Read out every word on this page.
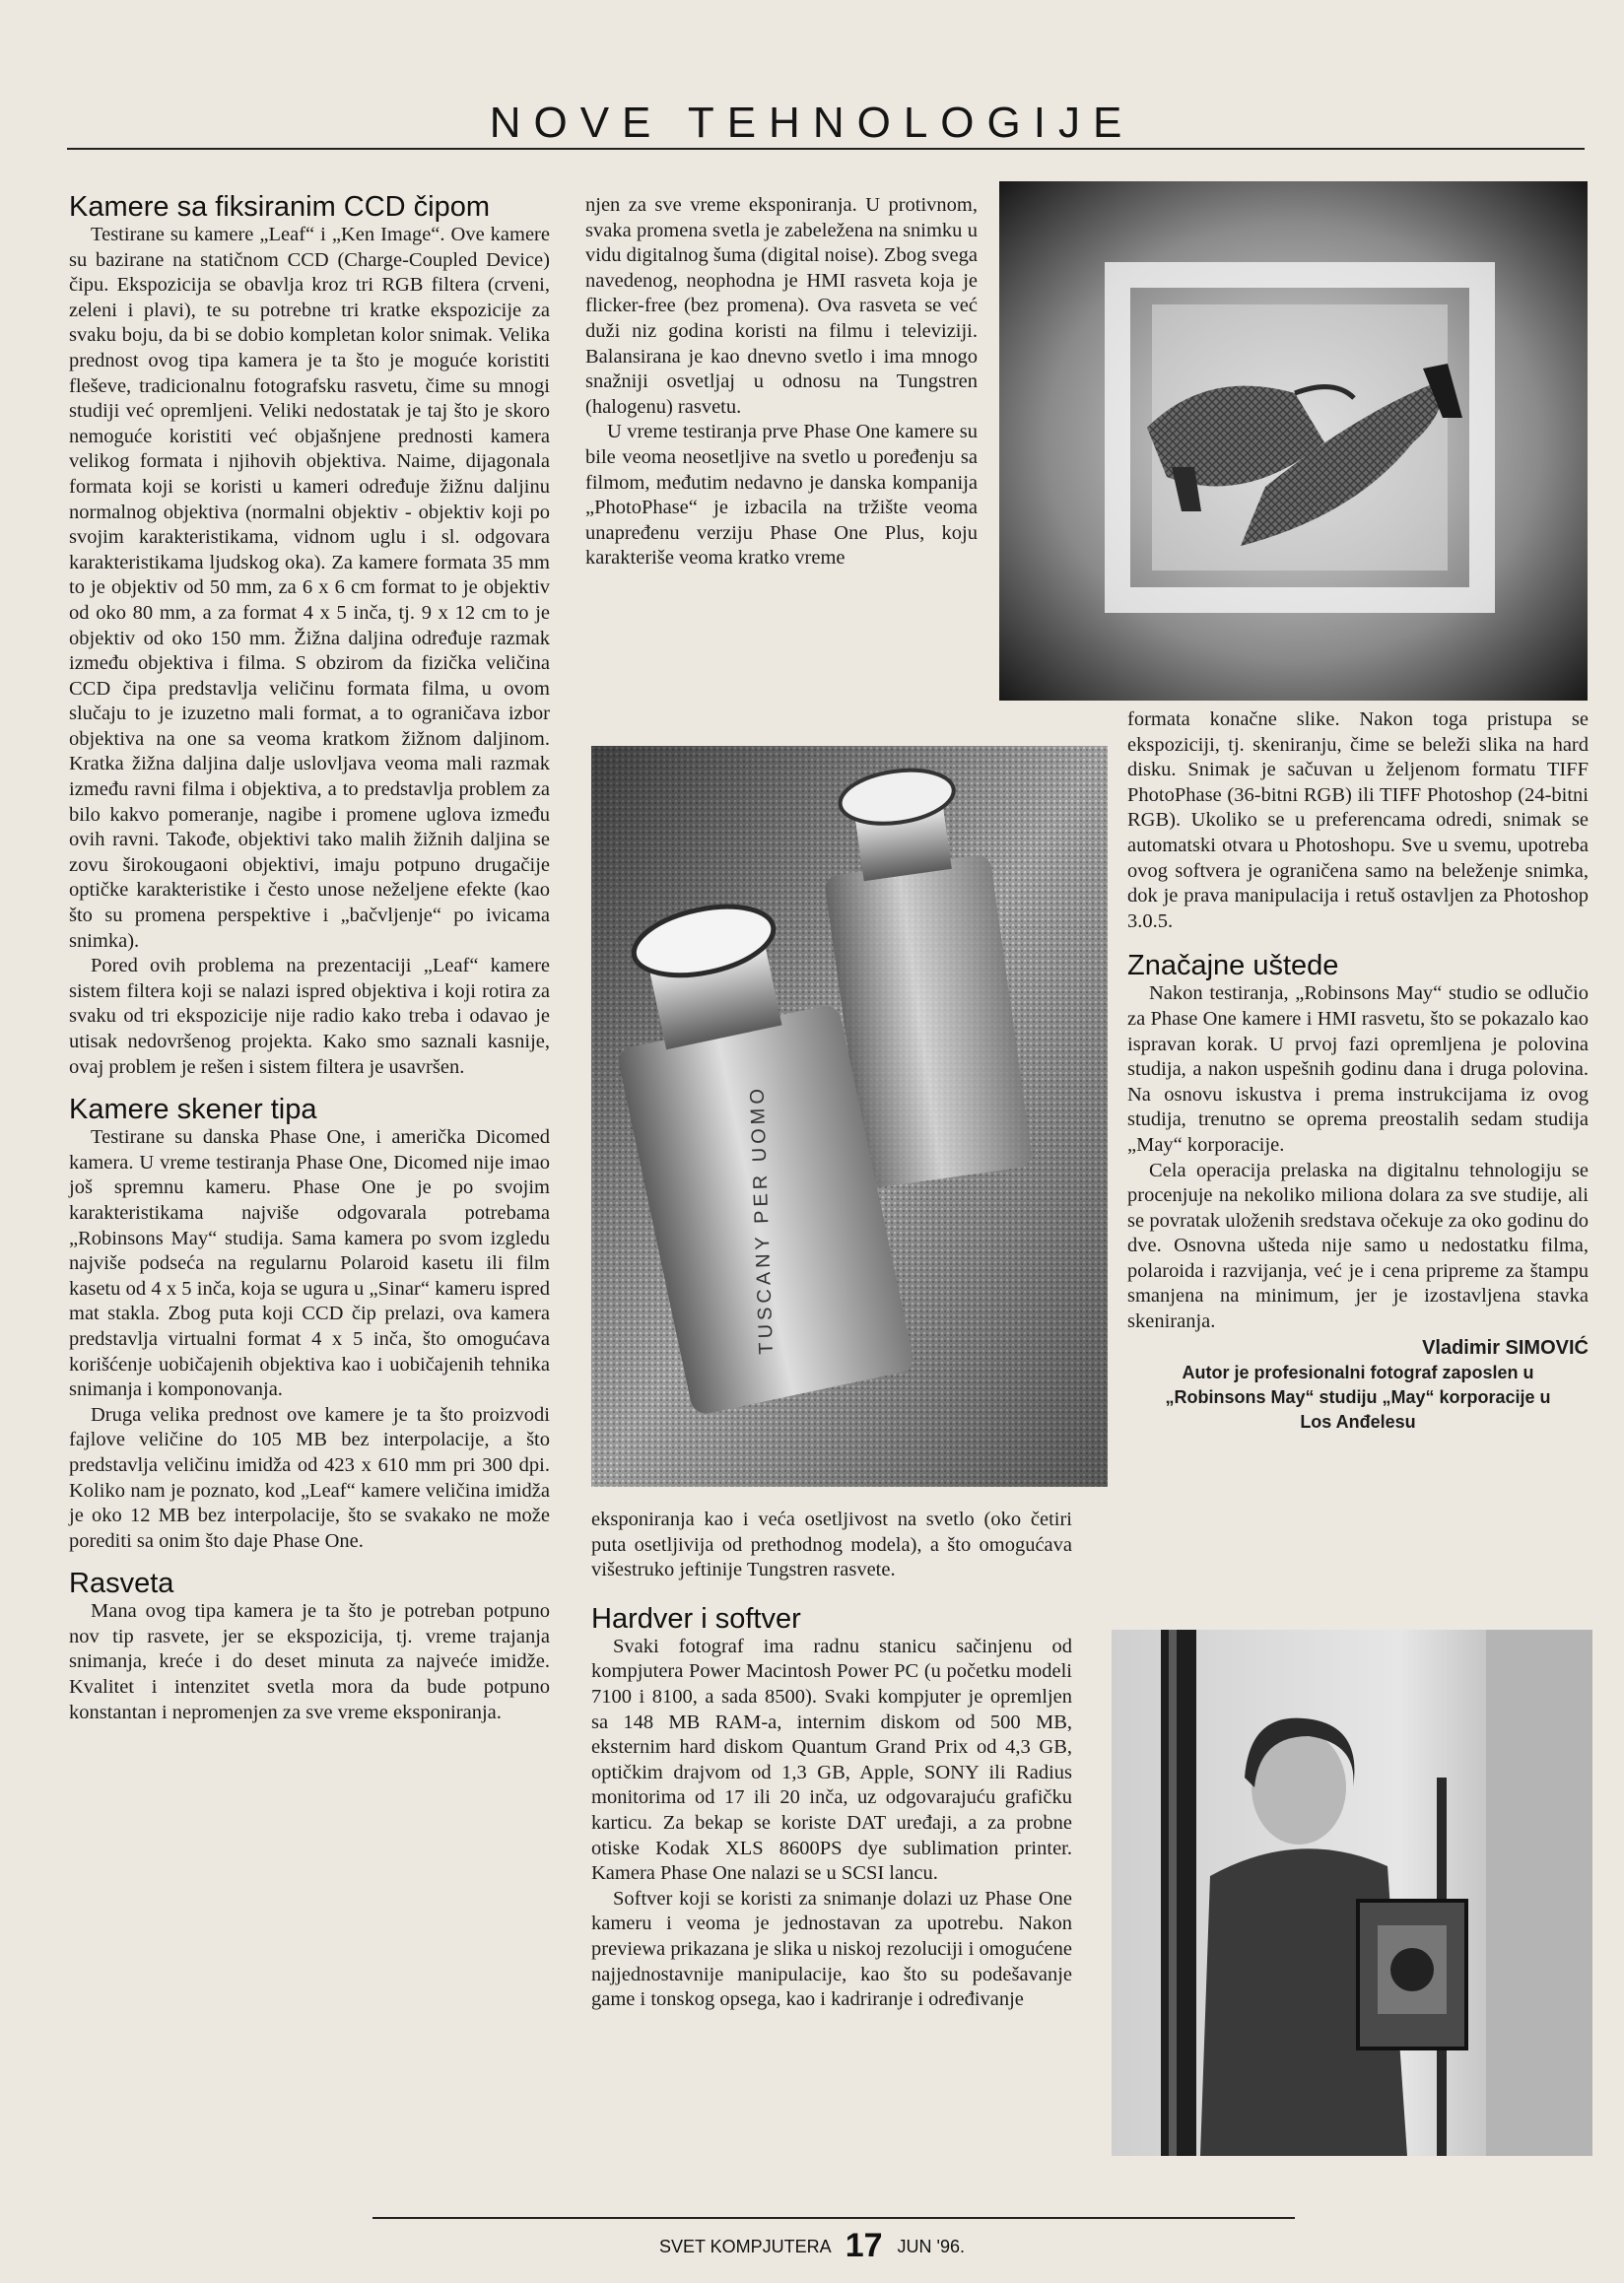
NOVE TEHNOLOGIJE
Kamere sa fiksiranim CCD čipom

Testirane su kamere „Leaf“ i „Ken Image“. Ove kamere su bazirane na statičnom CCD (Charge-Coupled Device) čipu. Ekspozicija se obavlja kroz tri RGB filtera (crveni, zeleni i plavi), te su potrebne tri kratke ekspozicije za svaku boju, da bi se dobio kompletan kolor snimak. Velika prednost ovog tipa kamera je ta što je moguće koristiti fleševe, tradicionalnu fotografsku rasvetu, čime su mnogi studiji već opremljeni. Veliki nedostatak je taj što je skoro nemoguće koristiti već objašnjene prednosti kamera velikog formata i njihovih objektiva. Naime, dijagonala formata koji se koristi u kameri određuje žižnu daljinu normalnog objektiva (normalni objektiv - objektiv koji po svojim karakteristikama, vidnom uglu i sl. odgovara karakteristikama ljudskog oka). Za kamere formata 35 mm to je objektiv od 50 mm, za 6 x 6 cm format to je objektiv od oko 80 mm, a za format 4 x 5 inča, tj. 9 x 12 cm to je objektiv od oko 150 mm. Žižna daljina određuje razmak između objektiva i filma. S obzirom da fizička veličina CCD čipa predstavlja veličinu formata filma, u ovom slučaju to je izuzetno mali format, a to ograničava izbor objektiva na one sa veoma kratkom žižnom daljinom. Kratka žižna daljina dalje uslovljava veoma mali razmak između ravni filma i objektiva, a to predstavlja problem za bilo kakvo pomeranje, nagibe i promene uglova između ovih ravni. Takođe, objektivi tako malih žižnih daljina se zovu širokougaoni objektivi, imaju potpuno drugačije optičke karakteristike i često unose neželjene efekte (kao što su promena perspektive i „bačvljenje“ po ivicama snimka).

Pored ovih problema na prezentaciji „Leaf“ kamere sistem filtera koji se nalazi ispred objektiva i koji rotira za svaku od tri ekspozicije nije radio kako treba i odavao je utisak nedovršenog projekta. Kako smo saznali kasnije, ovaj problem je rešen i sistem filtera je usavršen.

Kamere skener tipa

Testirane su danska Phase One, i američka Dicomed kamera. U vreme testiranja Phase One, Dicomed nije imao još spremnu kameru. Phase One je po svojim karakteristikama najviše odgovarala potrebama „Robinsons May“ studija. Sama kamera po svom izgledu najviše podseća na regularnu Polaroid kasetu ili film kasetu od 4 x 5 inča, koja se ugura u „Sinar“ kameru ispred mat stakla. Zbog puta koji CCD čip prelazi, ova kamera predstavlja virtualni format 4 x 5 inča, što omogućava korišćenje uobičajenih objektiva kao i uobičajenih tehnika snimanja i komponovanja.

Druga velika prednost ove kamere je ta što proizvodi fajlove veličine do 105 MB bez interpolacije, a što predstavlja veličinu imidža od 423 x 610 mm pri 300 dpi. Koliko nam je poznato, kod „Leaf“ kamere veličina imidža je oko 12 MB bez interpolacije, što se svakako ne može porediti sa onim što daje Phase One.

Rasveta

Mana ovog tipa kamera je ta što je potreban potpuno nov tip rasvete, jer se ekspozicija, tj. vreme trajanja snimanja, kreće i do deset minuta za najveće imidže. Kvalitet i intenzitet svetla mora da bude potpuno konstantan i nepromenjen za sve vreme eksponiranja.

njen za sve vreme eksponiranja. U protivnom, svaka promena svetla je zabeležena na snimku u vidu digitalnog šuma (digital noise). Zbog svega navedenog, neophodna je HMI rasveta koja je flicker-free (bez promena). Ova rasveta se već duži niz godina koristi na filmu i televiziji. Balansirana je kao dnevno svetlo i ima mnogo snažniji osvetljaj u odnosu na Tungstren (halogenu) rasvetu.

U vreme testiranja prve Phase One kamere su bile veoma neosetljive na svetlo u poređenju sa filmom, međutim nedavno je danska kompanija „PhotoPhase“ je izbacila na tržište veoma unapređenu verziju Phase One Plus, koju karakteriše veoma kratko vreme

TUSCANY PER UOMO

eksponiranja kao i veća osetljivost na svetlo (oko četiri puta osetljivija od prethodnog modela), a što omogućava višestruko jeftinije Tungstren rasvete.

Hardver i softver

Svaki fotograf ima radnu stanicu sačinjenu od kompjutera Power Macintosh Power PC (u početku modeli 7100 i 8100, a sada 8500). Svaki kompjuter je opremljen sa 148 MB RAM-a, internim diskom od 500 MB, eksternim hard diskom Quantum Grand Prix od 4,3 GB, optičkim drajvom od 1,3 GB, Apple, SONY ili Radius monitorima od 17 ili 20 inča, uz odgovarajuću grafičku karticu. Za bekap se koriste DAT uređaji, a za probne otiske Kodak XLS 8600PS dye sublimation printer. Kamera Phase One nalazi se u SCSI lancu.

Softver koji se koristi za snimanje dolazi uz Phase One kameru i veoma je jednostavan za upotrebu. Nakon previewa prikazana je slika u niskoj rezoluciji i omogućene najjednostavnije manipulacije, kao što su podešavanje game i tonskog opsega, kao i kadriranje i određivanje

formata konačne slike. Nakon toga pristupa se ekspoziciji, tj. skeniranju, čime se beleži slika na hard disku. Snimak je sačuvan u željenom formatu TIFF PhotoPhase (36-bitni RGB) ili TIFF Photoshop (24-bitni RGB). Ukoliko se u preferencama odredi, snimak se automatski otvara u Photoshopu. Sve u svemu, upotreba ovog softvera je ograničena samo na beleženje snimka, dok je prava manipulacija i retuš ostavljen za Photoshop 3.0.5.

Značajne uštede

Nakon testiranja, „Robinsons May“ studio se odlučio za Phase One kamere i HMI rasvetu, što se pokazalo kao ispravan korak. U prvoj fazi opremljena je polovina studija, a nakon uspešnih godinu dana i druga polovina. Na osnovu iskustva i prema instrukcijama iz ovog studija, trenutno se oprema preostalih sedam studija „May“ korporacije.

Cela operacija prelaska na digitalnu tehnologiju se procenjuje na nekoliko miliona dolara za sve studije, ali se povratak uloženih sredstava očekuje za oko godinu do dve. Osnovna ušteda nije samo u nedostatku filma, polaroida i razvijanja, već je i cena pripreme za štampu smanjena na minimum, jer je izostavljena stavka skeniranja.

Vladimir SIMOVIĆ
Autor je profesionalni fotograf zaposlen u „Robinsons May“ studiju „May“ korporacije u Los Anđelesu
SVET KOMPJUTERA 17 JUN '96.
